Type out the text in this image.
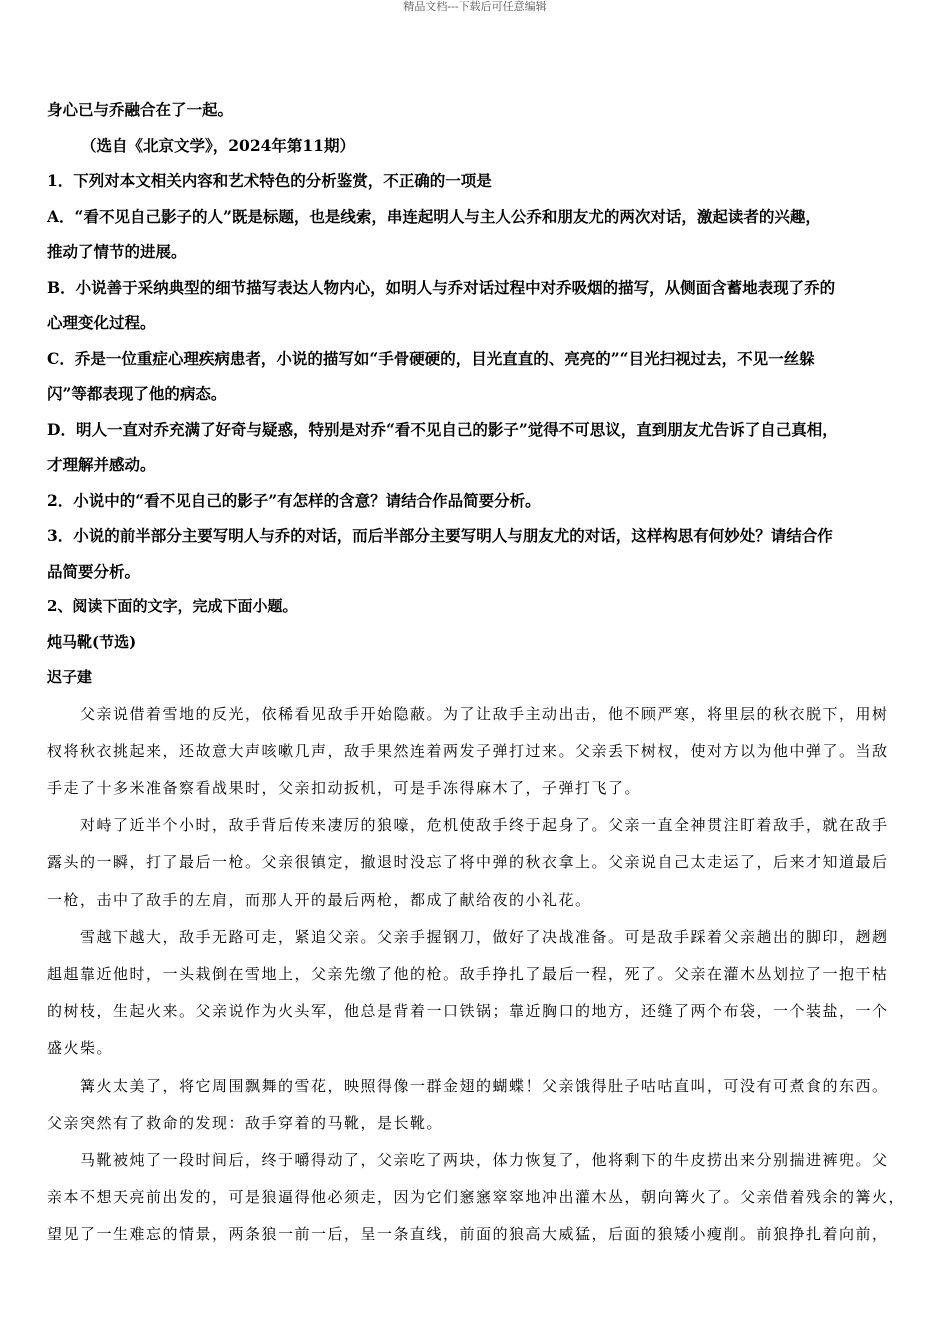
精品文档---下载后可任意编辑
身心已与乔融合在了一起。
（选自《北京文学》，2024年第11期）
1．下列对本文相关内容和艺术特色的分析鉴赏，不正确的一项是
A．“看不见自己影子的人”既是标题，也是线索，串连起明人与主人公乔和朋友尤的两次对话，激起读者的兴趣，
推动了情节的进展。
B．小说善于采纳典型的细节描写表达人物内心，如明人与乔对话过程中对乔吸烟的描写，从侧面含蓄地表现了乔的
心理变化过程。
C．乔是一位重症心理疾病患者，小说的描写如“手骨硬硬的，目光直直的、亮亮的”“目光扫视过去，不见一丝躲
闪”等都表现了他的病态。
D．明人一直对乔充满了好奇与疑惑，特别是对乔“看不见自己的影子”觉得不可思议，直到朋友尤告诉了自己真相，
才理解并感动。
2．小说中的“看不见自己的影子”有怎样的含意？请结合作品简要分析。
3．小说的前半部分主要写明人与乔的对话，而后半部分主要写明人与朋友尤的对话，这样构思有何妙处？请结合作
品简要分析。
2、阅读下面的文字，完成下面小题。
炖马靴(节选)
迟子建
父亲说借着雪地的反光，依稀看见敌手开始隐蔽。为了让敌手主动出击，他不顾严寒，将里层的秋衣脱下，用树
杈将秋衣挑起来，还故意大声咳嗽几声，敌手果然连着两发子弹打过来。父亲丢下树杈，使对方以为他中弹了。当敌
手走了十多米准备察看战果时，父亲扣动扳机，可是手冻得麻木了，子弹打飞了。
对峙了近半个小时，敌手背后传来凄厉的狼嚎，危机使敌手终于起身了。父亲一直全神贯注盯着敌手，就在敌手
露头的一瞬，打了最后一枪。父亲很镇定，撤退时没忘了将中弹的秋衣拿上。父亲说自己太走运了，后来才知道最后
一枪，击中了敌手的左肩，而那人开的最后两枪，都成了献给夜的小礼花。
雪越下越大，敌手无路可走，紧追父亲。父亲手握钢刀，做好了决战准备。可是敌手踩着父亲趟出的脚印，趔趔
趄趄靠近他时，一头栽倒在雪地上，父亲先缴了他的枪。敌手挣扎了最后一程，死了。父亲在灌木丛划拉了一抱干枯
的树枝，生起火来。父亲说作为火头军，他总是背着一口铁锅；靠近胸口的地方，还缝了两个布袋，一个装盐，一个
盛火柴。
篝火太美了，将它周围飘舞的雪花，映照得像一群金翅的蝴蝶！父亲饿得肚子咕咕直叫，可没有可煮食的东西。
父亲突然有了救命的发现：敌手穿着的马靴，是长靴。
马靴被炖了一段时间后，终于嚼得动了，父亲吃了两块，体力恢复了，他将剩下的牛皮捞出来分别揣进裤兜。父
亲本不想天亮前出发的，可是狼逼得他必须走，因为它们窸窸窣窣地冲出灌木丛，朝向篝火了。父亲借着残余的篝火，
望见了一生难忘的情景，两条狼一前一后，呈一条直线，前面的狼高大威猛，后面的狼矮小瘦削。前狼挣扎着向前，
